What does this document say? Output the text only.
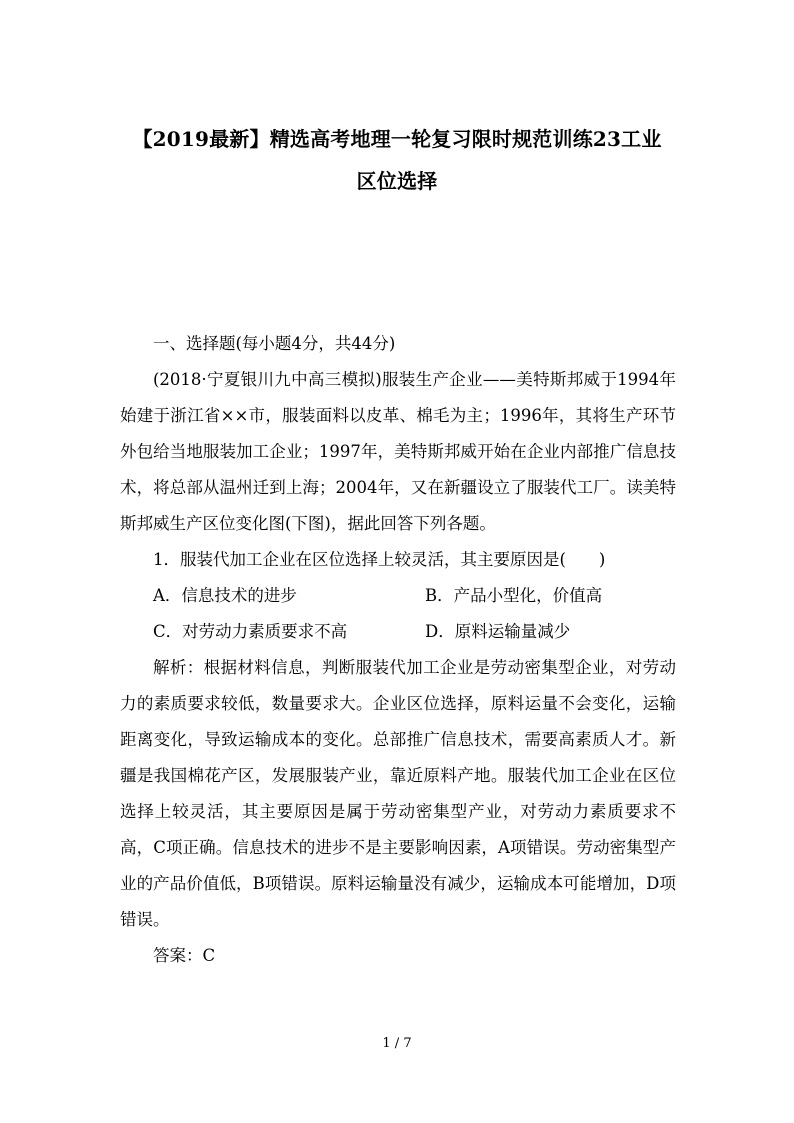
【2019最新】精选高考地理一轮复习限时规范训练23工业
区位选择

一、选择题(每小题4分，共44分)

(2018·宁夏银川九中高三模拟)服装生产企业——美特斯邦威于1994年始建于浙江省××市，服装面料以皮革、棉毛为主；1996年，其将生产环节外包给当地服装加工企业；1997年，美特斯邦威开始在企业内部推广信息技术，将总部从温州迁到上海；2004年，又在新疆设立了服装代工厂。读美特斯邦威生产区位变化图(下图)，据此回答下列各题。

1．服装代加工企业在区位选择上较灵活，其主要原因是(　　)

A．信息技术的进步	B．产品小型化，价值高
C．对劳动力素质要求不高	D．原料运输量减少

解析：根据材料信息，判断服装代加工企业是劳动密集型企业，对劳动力的素质要求较低，数量要求大。企业区位选择，原料运量不会变化，运输距离变化，导致运输成本的变化。总部推广信息技术，需要高素质人才。新疆是我国棉花产区，发展服装产业，靠近原料产地。服装代加工企业在区位选择上较灵活，其主要原因是属于劳动密集型产业，对劳动力素质要求不高，C项正确。信息技术的进步不是主要影响因素，A项错误。劳动密集型产业的产品价值低，B项错误。原料运输量没有减少，运输成本可能增加，D项错误。

答案：C

1 / 7
